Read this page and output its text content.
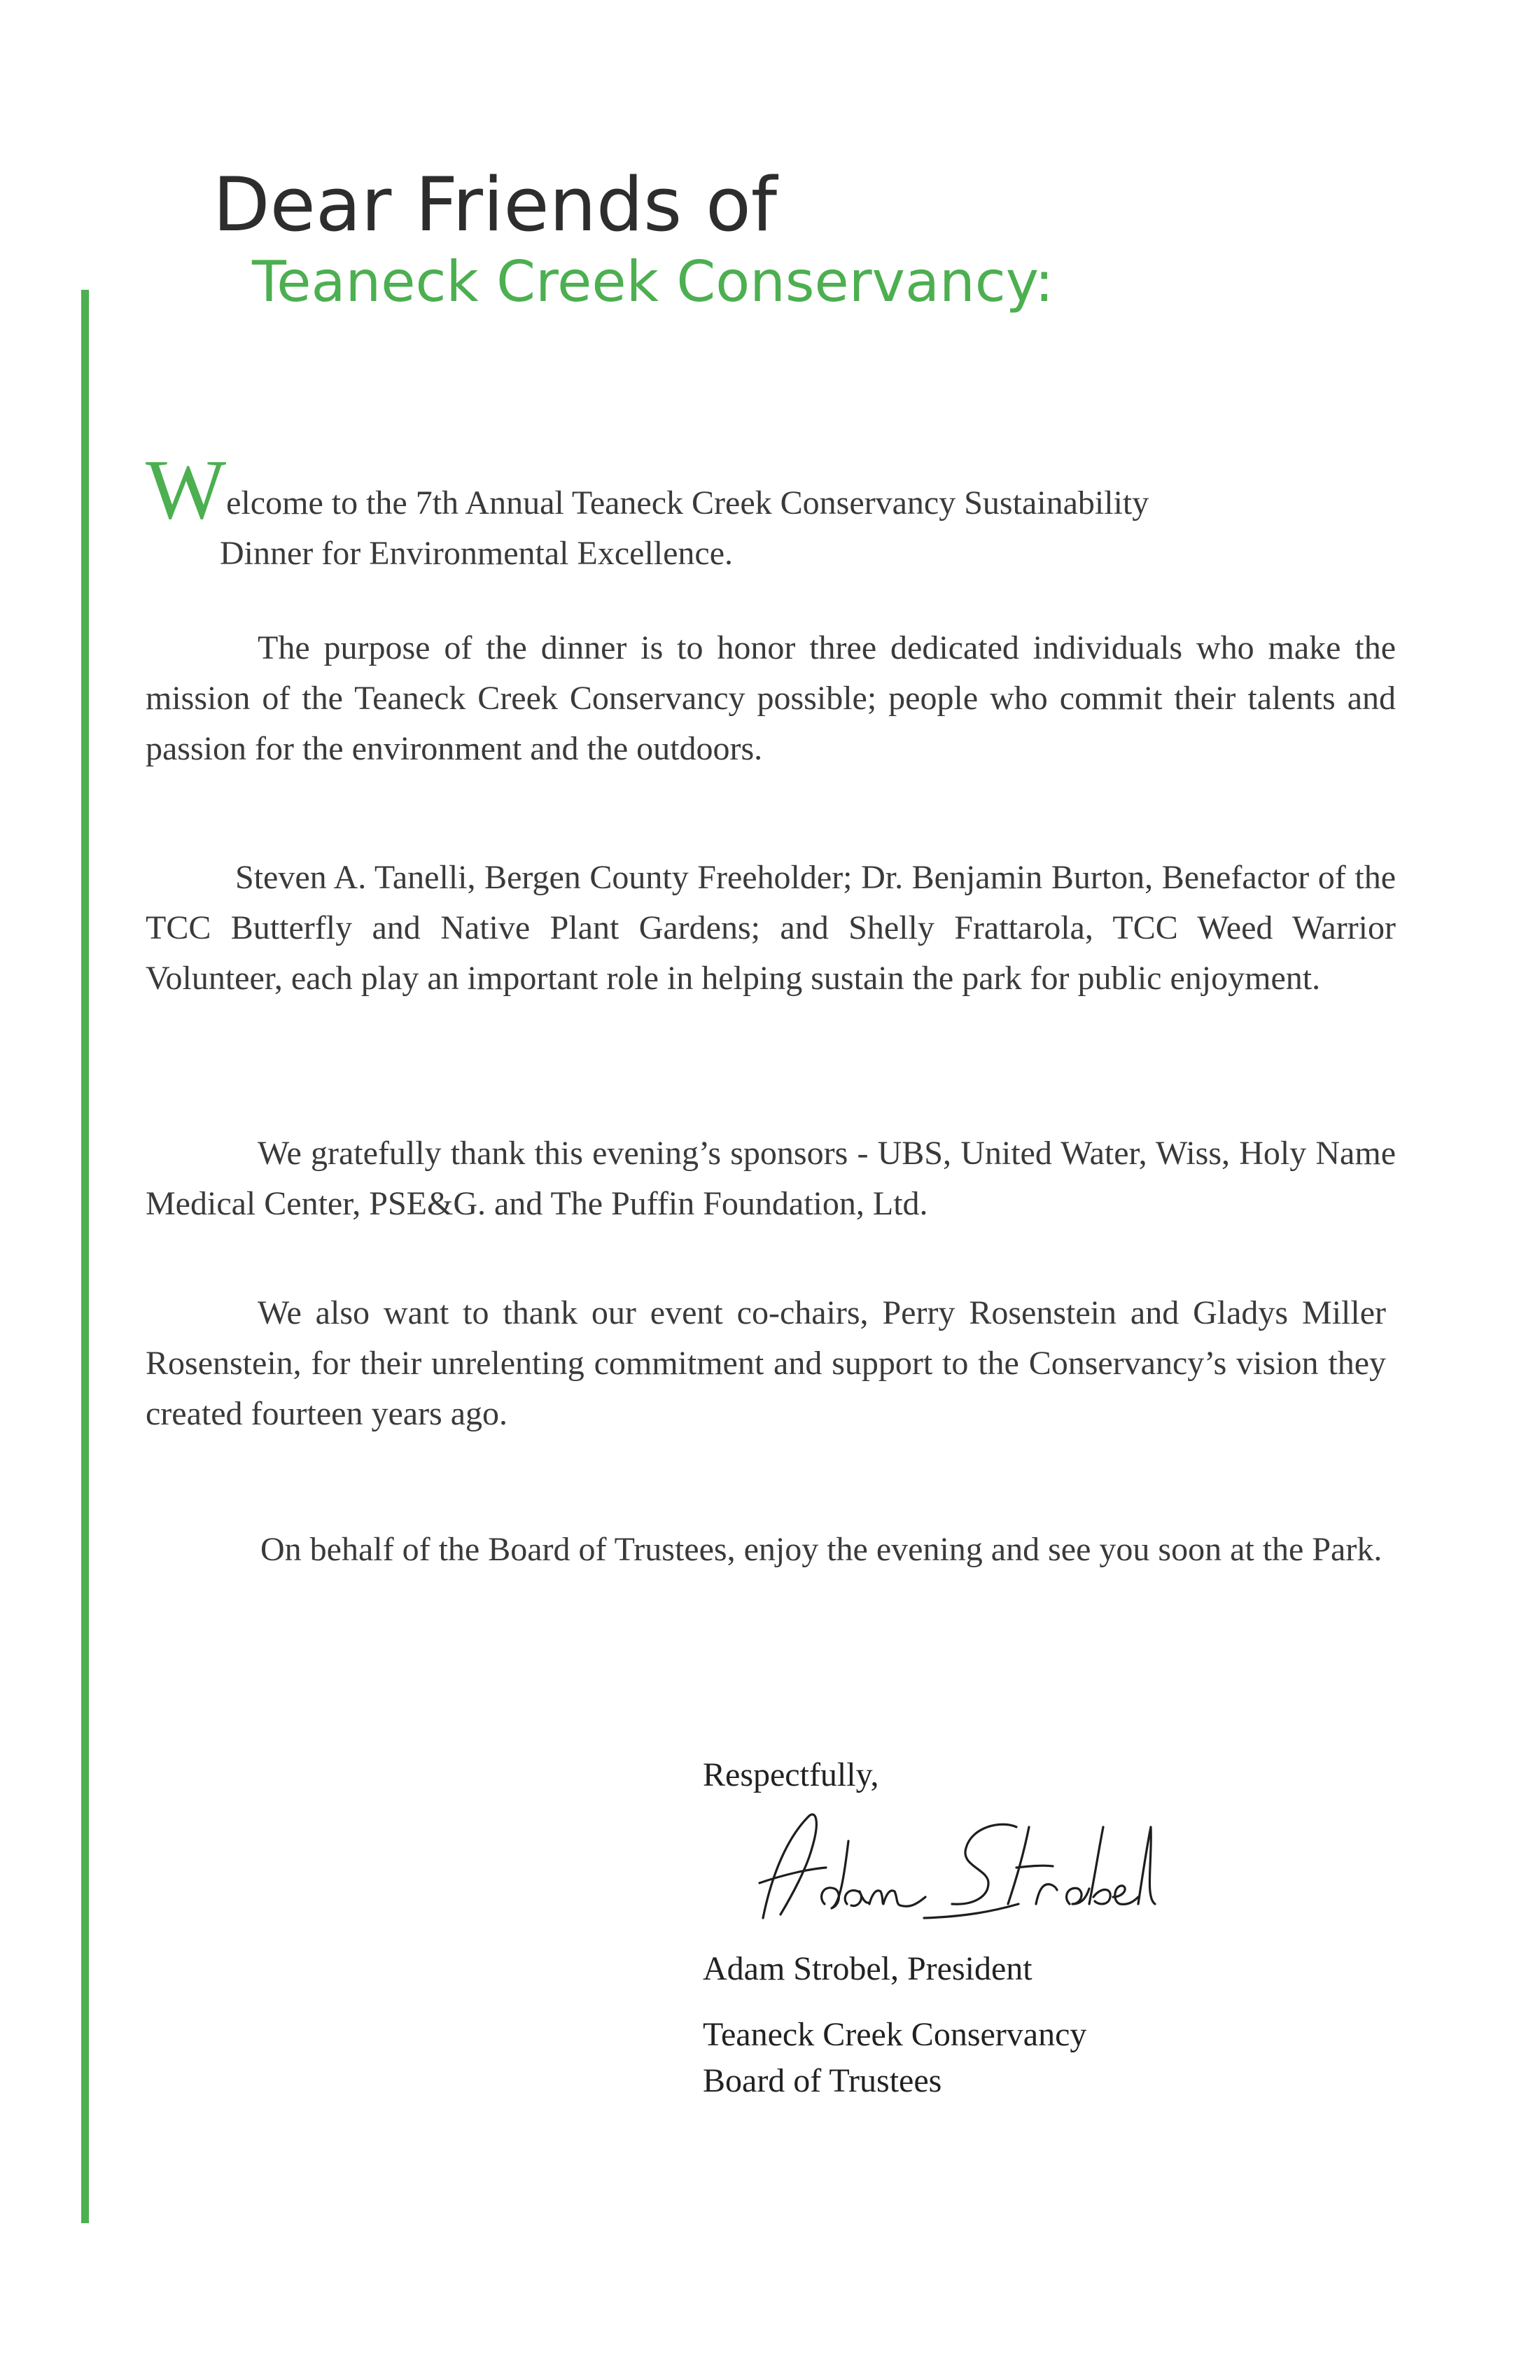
Dear Friends of
Teaneck Creek Conservancy:
Welcome to the 7th Annual Teaneck Creek Conservancy Sustainability
Dinner for Environmental Excellence.
The purpose of the dinner is to honor three dedicated individuals who make the mission of the Teaneck Creek Conservancy possible; people who commit their talents and passion for the environment and the outdoors.
Steven A. Tanelli, Bergen County Freeholder; Dr. Benjamin Burton, Benefactor of the TCC Butterfly and Native Plant Gardens; and Shelly Frattarola, TCC Weed Warrior Volunteer, each play an important role in helping sustain the park for public enjoyment.
We gratefully thank this evening’s sponsors - UBS, United Water, Wiss, Holy Name Medical Center, PSE&G. and The Puffin Foundation, Ltd.
We also want to thank our event co-chairs, Perry Rosenstein and Gladys Miller Rosenstein, for their unrelenting commitment and support to the Conservancy’s vision they created fourteen years ago.
On behalf of the Board of Trustees, enjoy the evening and see you soon at the Park.
Respectfully,
Adam Strobel, President
Teaneck Creek Conservancy
Board of Trustees
